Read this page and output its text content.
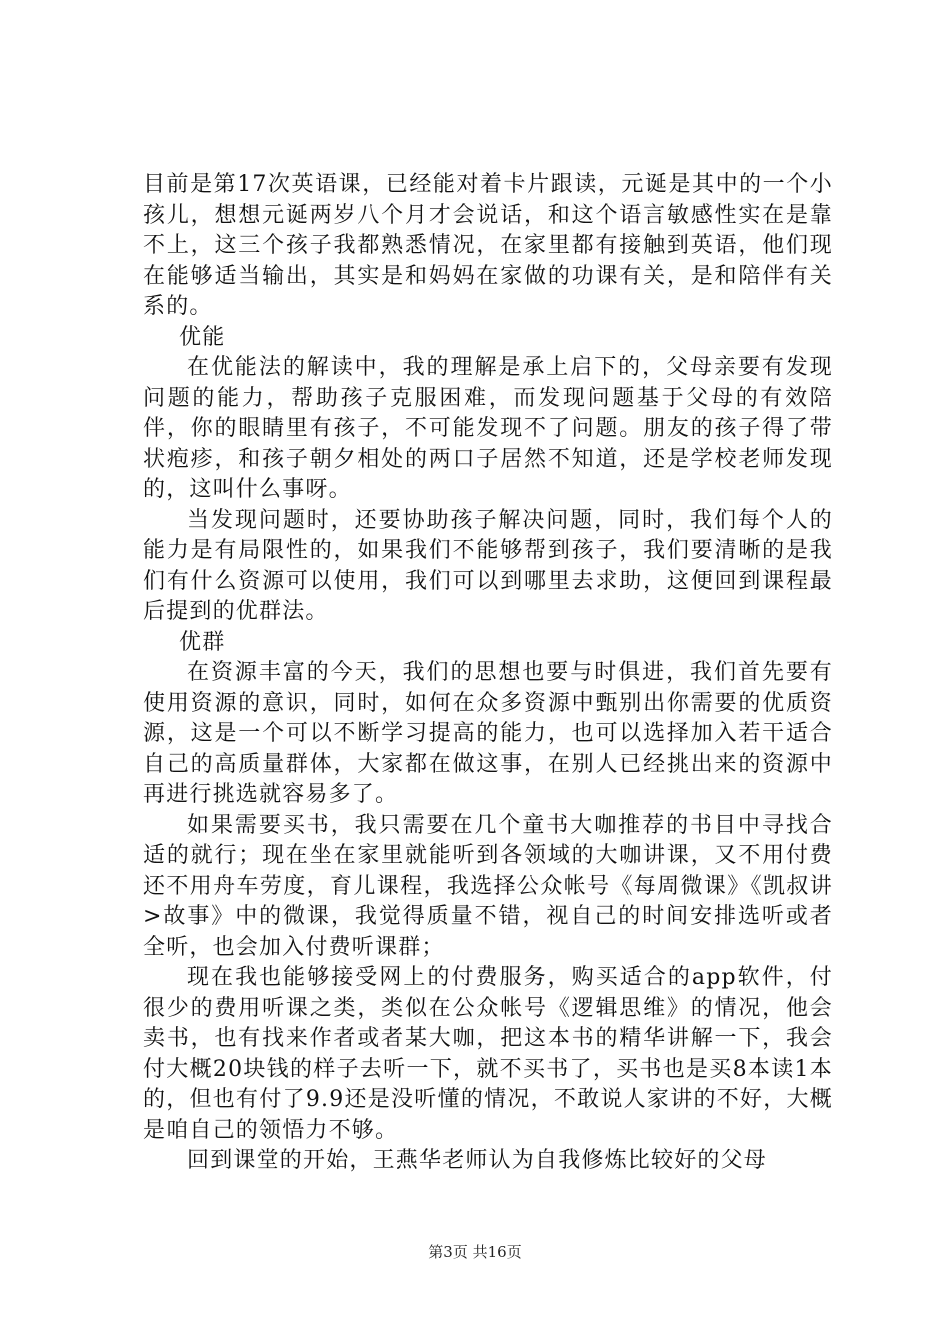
目前是第17次英语课，已经能对着卡片跟读，元诞是其中的一个小孩儿，想想元诞两岁八个月才会说话，和这个语言敏感性实在是靠不上，这三个孩子我都熟悉情况，在家里都有接触到英语，他们现在能够适当输出，其实是和妈妈在家做的功课有关，是和陪伴有关系的。

优能

在优能法的解读中，我的理解是承上启下的，父母亲要有发现问题的能力，帮助孩子克服困难，而发现问题基于父母的有效陪伴，你的眼睛里有孩子，不可能发现不了问题。朋友的孩子得了带状疱疹，和孩子朝夕相处的两口子居然不知道，还是学校老师发现的，这叫什么事呀。

当发现问题时，还要协助孩子解决问题，同时，我们每个人的能力是有局限性的，如果我们不能够帮到孩子，我们要清晰的是我们有什么资源可以使用，我们可以到哪里去求助，这便回到课程最后提到的优群法。

优群

在资源丰富的今天，我们的思想也要与时俱进，我们首先要有使用资源的意识，同时，如何在众多资源中甄别出你需要的优质资源，这是一个可以不断学习提高的能力，也可以选择加入若干适合自己的高质量群体，大家都在做这事，在别人已经挑出来的资源中再进行挑选就容易多了。

如果需要买书，我只需要在几个童书大咖推荐的书目中寻找合适的就行；现在坐在家里就能听到各领域的大咖讲课，又不用付费还不用舟车劳度，育儿课程，我选择公众帐号《每周微课》《凯叔讲>故事》中的微课，我觉得质量不错，视自己的时间安排选听或者全听，也会加入付费听课群；

现在我也能够接受网上的付费服务，购买适合的app软件，付很少的费用听课之类，类似在公众帐号《逻辑思维》的情况，他会卖书，也有找来作者或者某大咖，把这本书的精华讲解一下，我会付大概20块钱的样子去听一下，就不买书了，买书也是买8本读1本的，但也有付了9.9还是没听懂的情况，不敢说人家讲的不好，大概是咱自己的领悟力不够。

回到课堂的开始，王燕华老师认为自我修炼比较好的父母

第3页 共16页
